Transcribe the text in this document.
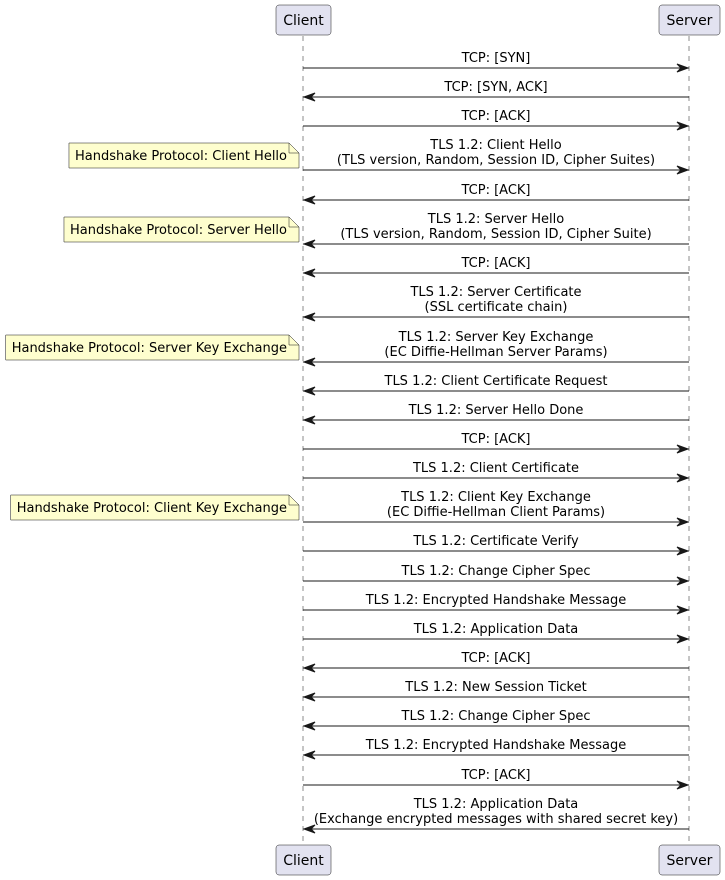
Client	Server
Client	Server
TCP: [SYN]
TCP: [SYN, ACK]
TCP: [ACK]
TLS 1.2: Client Hello
(TLS version, Random, Session ID, Cipher Suites)
TCP: [ACK]
TLS 1.2: Server Hello
(TLS version, Random, Session ID, Cipher Suite)
TCP: [ACK]
TLS 1.2: Server Certificate
(SSL certificate chain)
TLS 1.2: Server Key Exchange
(EC Diffie-Hellman Server Params)
TLS 1.2: Client Certificate Request
TLS 1.2: Server Hello Done
TCP: [ACK]
TLS 1.2: Client Certificate
TLS 1.2: Client Key Exchange
(EC Diffie-Hellman Client Params)
TLS 1.2: Certificate Verify
TLS 1.2: Change Cipher Spec
TLS 1.2: Encrypted Handshake Message
TLS 1.2: Application Data
TCP: [ACK]
TLS 1.2: New Session Ticket
TLS 1.2: Change Cipher Spec
TLS 1.2: Encrypted Handshake Message
TCP: [ACK]
TLS 1.2: Application Data
(Exchange encrypted messages with shared secret key)
Handshake Protocol: Client Hello
Handshake Protocol: Server Hello
Handshake Protocol: Server Key Exchange
Handshake Protocol: Client Key Exchange
